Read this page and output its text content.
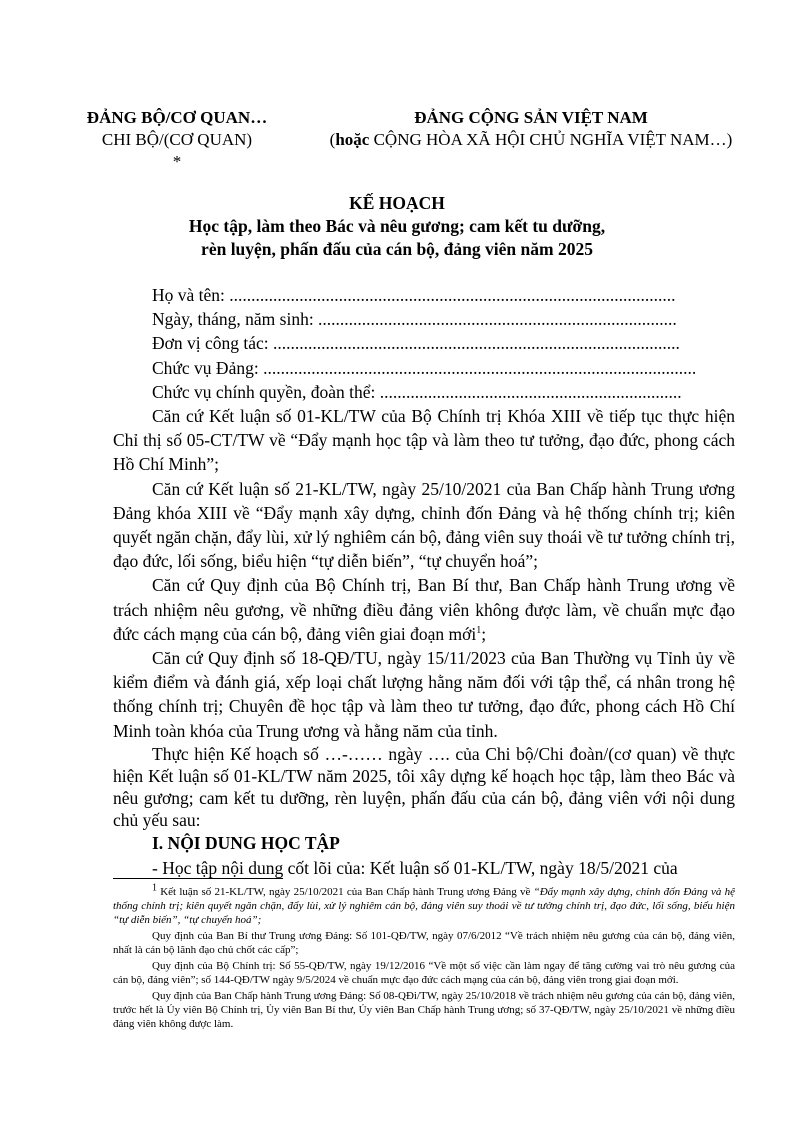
ĐẢNG BỘ/CƠ QUAN…
CHI BỘ/(CƠ QUAN)
*
ĐẢNG CỘNG SẢN VIỆT NAM
(hoặc CỘNG HÒA XÃ HỘI CHỦ NGHĨA VIỆT NAM…)
KẾ HOẠCH
Học tập, làm theo Bác và nêu gương; cam kết tu dưỡng,
rèn luyện, phấn đấu của cán bộ, đảng viên năm 2025
Họ và tên: ......................................................................................................
Ngày, tháng, năm sinh: ..................................................................................
Đơn vị công tác: .............................................................................................
Chức vụ Đảng: ...................................................................................................
Chức vụ chính quyền, đoàn thể: .....................................................................

Căn cứ Kết luận số 01-KL/TW của Bộ Chính trị Khóa XIII về tiếp tục thực hiện Chỉ thị số 05-CT/TW về “Đẩy mạnh học tập và làm theo tư tưởng, đạo đức, phong cách Hồ Chí Minh”;

Căn cứ Kết luận số 21-KL/TW, ngày 25/10/2021 của Ban Chấp hành Trung ương Đảng khóa XIII về “Đẩy mạnh xây dựng, chỉnh đốn Đảng và hệ thống chính trị; kiên quyết ngăn chặn, đẩy lùi, xử lý nghiêm cán bộ, đảng viên suy thoái về tư tưởng chính trị, đạo đức, lối sống, biểu hiện “tự diễn biến”, “tự chuyển hoá”;

Căn cứ Quy định của Bộ Chính trị, Ban Bí thư, Ban Chấp hành Trung ương về trách nhiệm nêu gương, về những điều đảng viên không được làm, về chuẩn mực đạo đức cách mạng của cán bộ, đảng viên giai đoạn mới$^1$;

Căn cứ Quy định số 18-QĐ/TU, ngày 15/11/2023 của Ban Thường vụ Tỉnh ủy về kiểm điểm và đánh giá, xếp loại chất lượng hằng năm đối với tập thể, cá nhân trong hệ thống chính trị; Chuyên đề học tập và làm theo tư tưởng, đạo đức, phong cách Hồ Chí Minh toàn khóa của Trung ương và hằng năm của tỉnh.

Thực hiện Kế hoạch số …-…… ngày …. của Chi bộ/Chi đoàn/(cơ quan) về thực hiện Kết luận số 01-KL/TW năm 2025, tôi xây dựng kế hoạch học tập, làm theo Bác và nêu gương; cam kết tu dưỡng, rèn luyện, phấn đấu của cán bộ, đảng viên với nội dung chủ yếu sau:

I. NỘI DUNG HỌC TẬP

- Học tập nội dung cốt lõi của: Kết luận số 01-KL/TW, ngày 18/5/2021 của

1 Kết luận số 21-KL/TW, ngày 25/10/2021 của Ban Chấp hành Trung ương Đảng về “Đẩy mạnh xây dựng, chỉnh đốn Đảng và hệ thống chính trị; kiên quyết ngăn chặn, đẩy lùi, xử lý nghiêm cán bộ, đảng viên suy thoái về tư tưởng chính trị, đạo đức, lối sống, biểu hiện “tự diễn biến”, “tự chuyển hoá”;

Quy định của Ban Bí thư Trung ương Đảng: Số 101-QĐ/TW, ngày 07/6/2012 “Về trách nhiệm nêu gương của cán bộ, đảng viên, nhất là cán bộ lãnh đạo chủ chốt các cấp”;

Quy định của Bộ Chính trị: Số 55-QĐ/TW, ngày 19/12/2016 “Về một số việc cần làm ngay để tăng cường vai trò nêu gương của cán bộ, đảng viên”; số 144-QĐ/TW ngày 9/5/2024 về chuẩn mực đạo đức cách mạng của cán bộ, đảng viên trong giai đoạn mới.

Quy định của Ban Chấp hành Trung ương Đảng: Số 08-QĐi/TW, ngày 25/10/2018 về trách nhiệm nêu gương của cán bộ, đảng viên, trước hết là Ủy viên Bộ Chính trị, Ủy viên Ban Bí thư, Ủy viên Ban Chấp hành Trung ương; số 37-QĐ/TW, ngày 25/10/2021 về những điều đảng viên không được làm.
